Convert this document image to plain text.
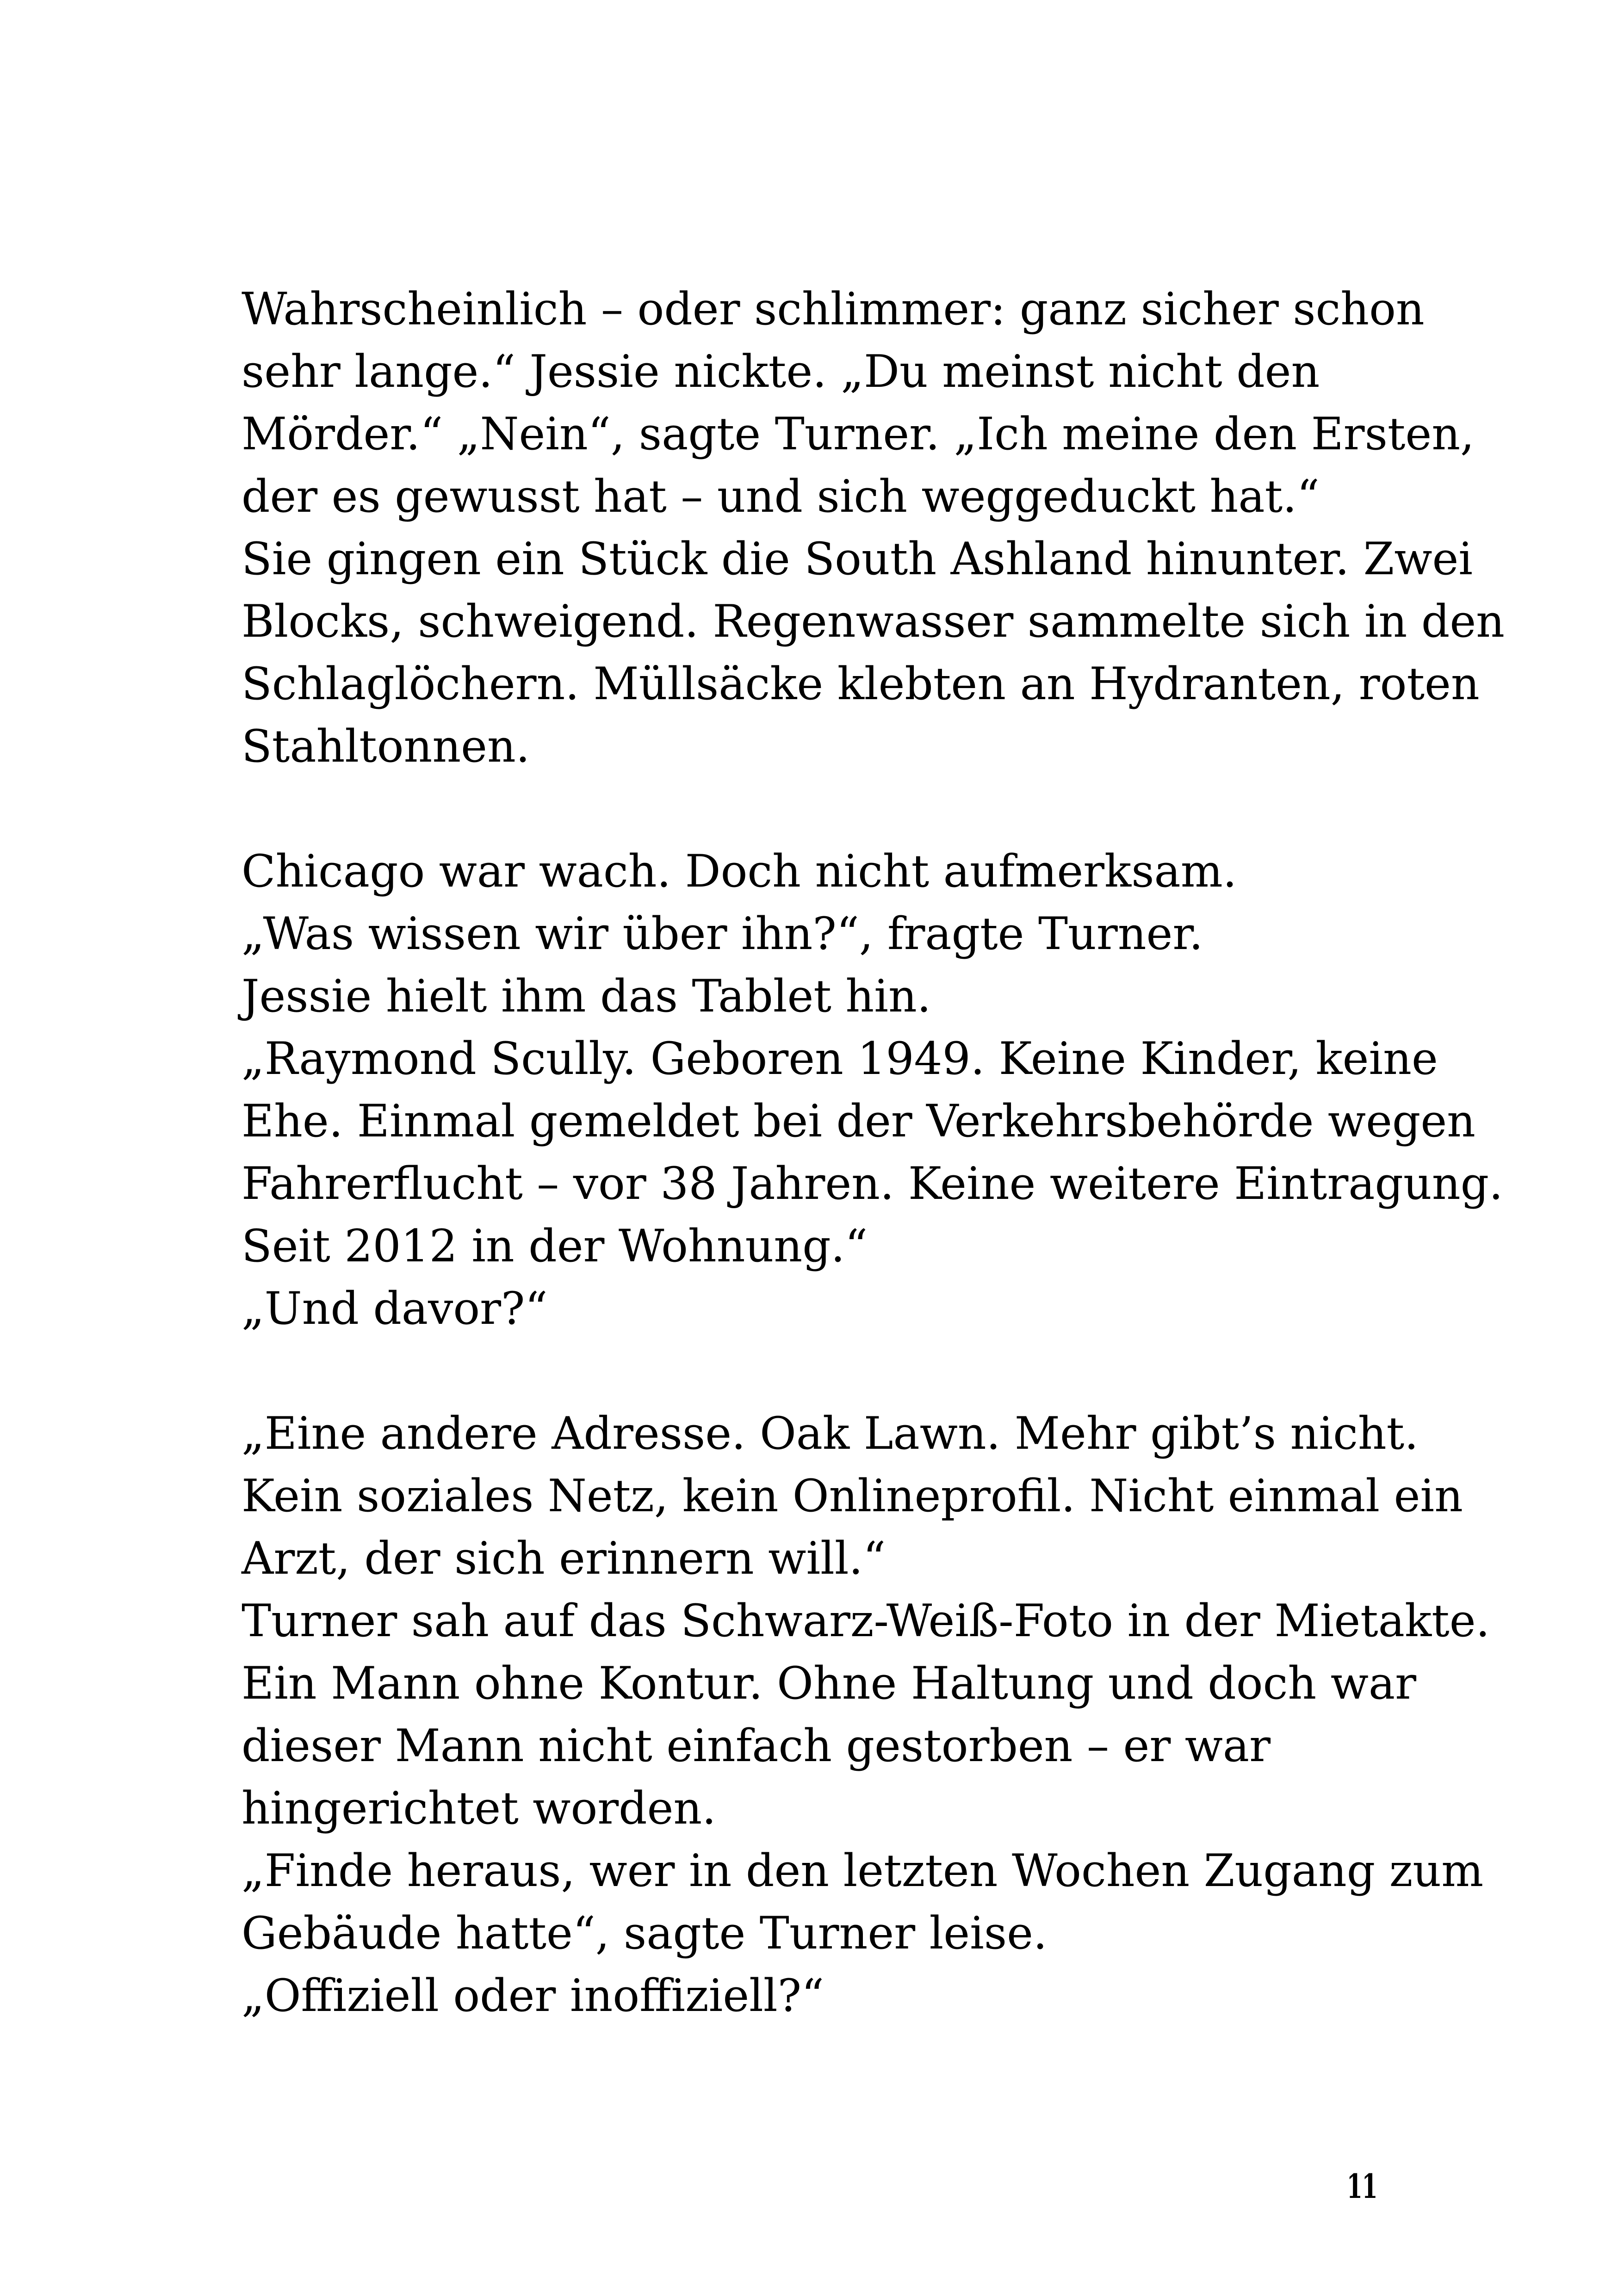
Wahrscheinlich – oder schlimmer: ganz sicher schon
sehr lange.“ Jessie nickte. „Du meinst nicht den
Mörder.“ „Nein“, sagte Turner. „Ich meine den Ersten,
der es gewusst hat – und sich weggeduckt hat.“
Sie gingen ein Stück die South Ashland hinunter. Zwei
Blocks, schweigend. Regenwasser sammelte sich in den
Schlaglöchern. Müllsäcke klebten an Hydranten, roten
Stahltonnen.

Chicago war wach. Doch nicht aufmerksam.
„Was wissen wir über ihn?“, fragte Turner.
Jessie hielt ihm das Tablet hin.
„Raymond Scully. Geboren 1949. Keine Kinder, keine
Ehe. Einmal gemeldet bei der Verkehrsbehörde wegen
Fahrerflucht – vor 38 Jahren. Keine weitere Eintragung.
Seit 2012 in der Wohnung.“
„Und davor?“

„Eine andere Adresse. Oak Lawn. Mehr gibt’s nicht.
Kein soziales Netz, kein Onlineprofil. Nicht einmal ein
Arzt, der sich erinnern will.“
Turner sah auf das Schwarz-Weiß-Foto in der Mietakte.
Ein Mann ohne Kontur. Ohne Haltung und doch war
dieser Mann nicht einfach gestorben – er war
hingerichtet worden.
„Finde heraus, wer in den letzten Wochen Zugang zum
Gebäude hatte“, sagte Turner leise.
„Offiziell oder inoffiziell?“
11
